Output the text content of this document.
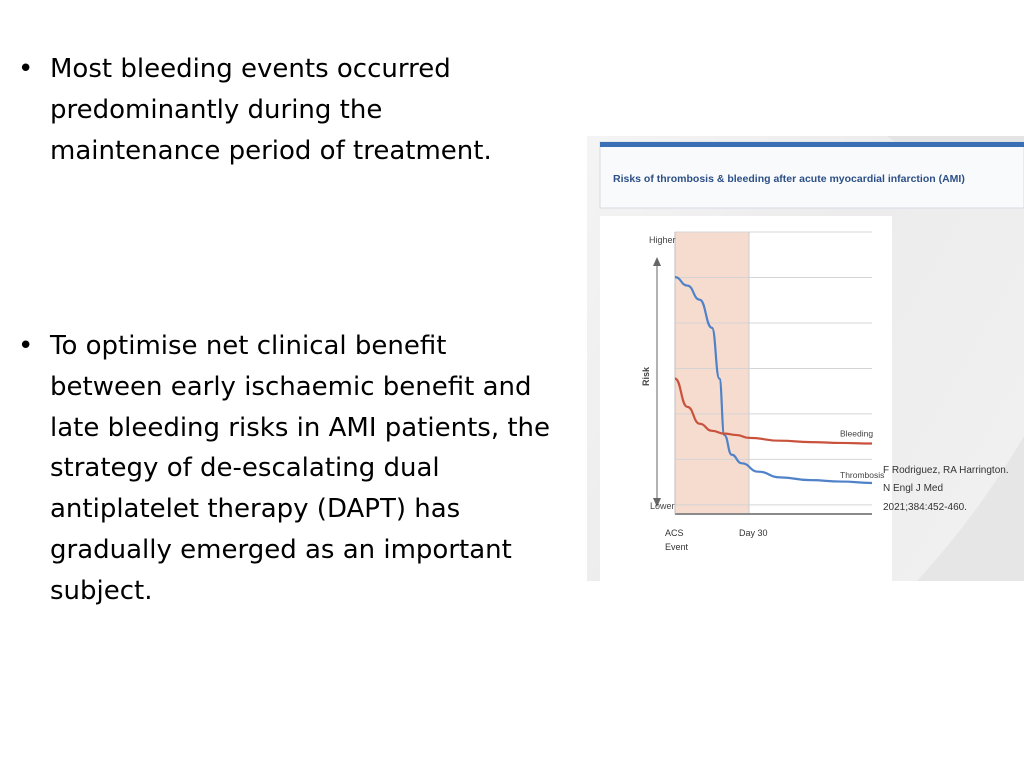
• Most bleeding events occurred predominantly during the maintenance period of treatment.
• To optimise net clinical benefit between early ischaemic benefit and late bleeding risks in AMI patients, the strategy of de-escalating dual antiplatelet therapy (DAPT) has gradually emerged as an important subject.
Risks of thrombosis & bleeding after acute myocardial infarction (AMI)
Higher
Lower
Risk
ACS
Event
Day 30
Thrombosis
Bleeding
F Rodriguez, RA Harrington.
N Engl J Med
2021;384:452-460.
